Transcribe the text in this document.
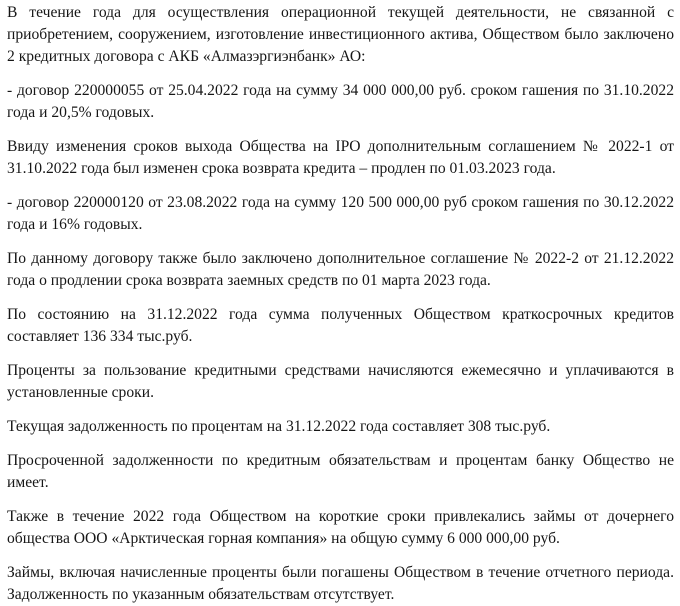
В течение года для осуществления операционной текущей деятельности, не связанной с приобретением, сооружением, изготовление инвестиционного актива, Обществом было заключено 2 кредитных договора с АКБ «Алмазэргиэнбанк» АО:

- договор 220000055 от 25.04.2022 года на сумму 34 000 000,00 руб. сроком гашения по 31.10.2022 года и 20,5% годовых.

Ввиду изменения сроков выхода Общества на IPO дополнительным соглашением № 2022-1 от 31.10.2022 года был изменен срока возврата кредита – продлен по 01.03.2023 года.

- договор 220000120 от 23.08.2022 года на сумму 120 500 000,00 руб сроком гашения по 30.12.2022 года и 16% годовых.

По данному договору также было заключено дополнительное соглашение № 2022-2 от 21.12.2022 года о продлении срока возврата заемных средств по 01 марта 2023 года.

По состоянию на 31.12.2022 года сумма полученных Обществом краткосрочных кредитов составляет 136 334 тыс.руб.

Проценты за пользование кредитными средствами начисляются ежемесячно и уплачиваются в установленные сроки.

Текущая задолженность по процентам на 31.12.2022 года составляет 308 тыс.руб.

Просроченной задолженности по кредитным обязательствам и процентам банку Общество не имеет.

Также в течение 2022 года Обществом на короткие сроки привлекались займы от дочернего общества ООО «Арктическая горная компания» на общую сумму 6 000 000,00 руб.

Займы, включая начисленные проценты были погашены Обществом в течение отчетного периода. Задолженность по указанным обязательствам отсутствует.
